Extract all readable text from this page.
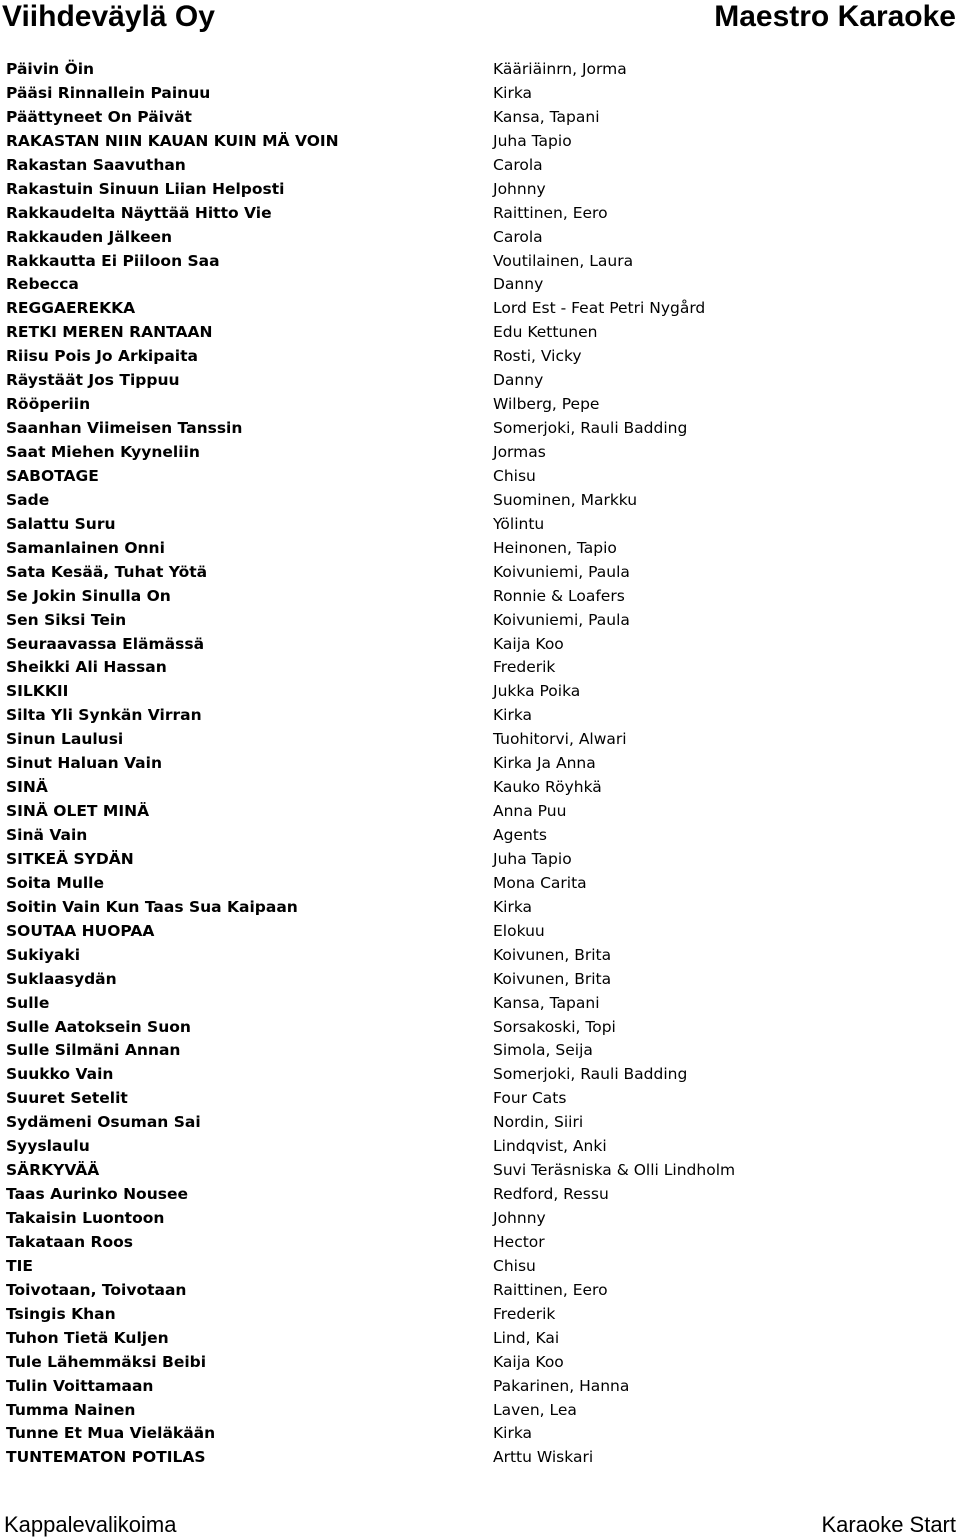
Viihdeväylä Oy	Maestro Karaoke
Päivin Öin	Kääriäinrn, Jorma
Pääsi Rinnallein Painuu	Kirka
Päättyneet On Päivät	Kansa, Tapani
RAKASTAN NIIN KAUAN KUIN MÄ VOIN	Juha Tapio
Rakastan Saavuthan	Carola
Rakastuin Sinuun Liian Helposti	Johnny
Rakkaudelta Näyttää Hitto Vie	Raittinen, Eero
Rakkauden Jälkeen	Carola
Rakkautta Ei Piiloon Saa	Voutilainen, Laura
Rebecca	Danny
REGGAEREKKA	Lord Est - Feat Petri Nygård
RETKI MEREN RANTAAN	Edu Kettunen
Riisu Pois Jo Arkipaita	Rosti, Vicky
Räystäät Jos Tippuu	Danny
Rööperiin	Wilberg, Pepe
Saanhan Viimeisen Tanssin	Somerjoki, Rauli Badding
Saat Miehen Kyyneliin	Jormas
SABOTAGE	Chisu
Sade	Suominen, Markku
Salattu Suru	Yölintu
Samanlainen Onni	Heinonen, Tapio
Sata Kesää, Tuhat Yötä	Koivuniemi, Paula
Se Jokin Sinulla On	Ronnie & Loafers
Sen Siksi Tein	Koivuniemi, Paula
Seuraavassa Elämässä	Kaija Koo
Sheikki Ali Hassan	Frederik
SILKKII	Jukka Poika
Silta Yli Synkän Virran	Kirka
Sinun Laulusi	Tuohitorvi, Alwari
Sinut Haluan Vain	Kirka Ja Anna
SINÄ	Kauko Röyhkä
SINÄ OLET MINÄ	Anna Puu
Sinä Vain	Agents
SITKEÄ SYDÄN	Juha Tapio
Soita Mulle	Mona Carita
Soitin Vain Kun Taas Sua Kaipaan	Kirka
SOUTAA HUOPAA	Elokuu
Sukiyaki	Koivunen, Brita
Suklaasydän	Koivunen, Brita
Sulle	Kansa, Tapani
Sulle Aatoksein Suon	Sorsakoski, Topi
Sulle Silmäni Annan	Simola, Seija
Suukko Vain	Somerjoki, Rauli Badding
Suuret Setelit	Four Cats
Sydämeni Osuman Sai	Nordin, Siiri
Syyslaulu	Lindqvist, Anki
SÄRKYVÄÄ	Suvi Teräsniska & Olli Lindholm
Taas Aurinko Nousee	Redford, Ressu
Takaisin Luontoon	Johnny
Takataan Roos	Hector
TIE	Chisu
Toivotaan, Toivotaan	Raittinen, Eero
Tsingis Khan	Frederik
Tuhon Tietä Kuljen	Lind, Kai
Tule Lähemmäksi Beibi	Kaija Koo
Tulin Voittamaan	Pakarinen, Hanna
Tumma Nainen	Laven, Lea
Tunne Et Mua Vieläkään	Kirka
TUNTEMATON POTILAS	Arttu Wiskari
Kappalevalikoima	Karaoke Start
